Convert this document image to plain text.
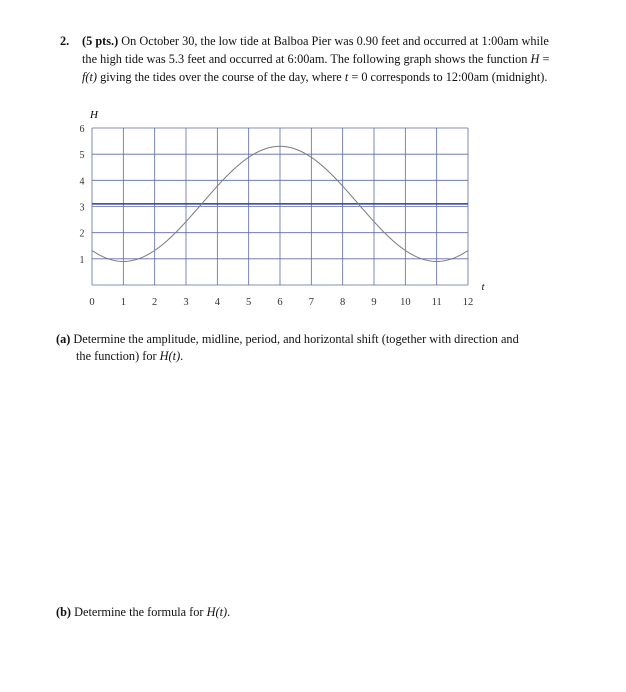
2. (5 pts.) On October 30, the low tide at Balboa Pier was 0.90 feet and occurred at 1:00am while the high tide was 5.3 feet and occurred at 6:00am. The following graph shows the function H = f(t) giving the tides over the course of the day, where t = 0 corresponds to 12:00am (midnight).
1
2
3
4
5
6
0 1 2 3 4 5 6 7 8 9 10 11 12
H
t
(a) Determine the amplitude, midline, period, and horizontal shift (together with direction and
the function) for H(t).
(b) Determine the formula for H(t).
